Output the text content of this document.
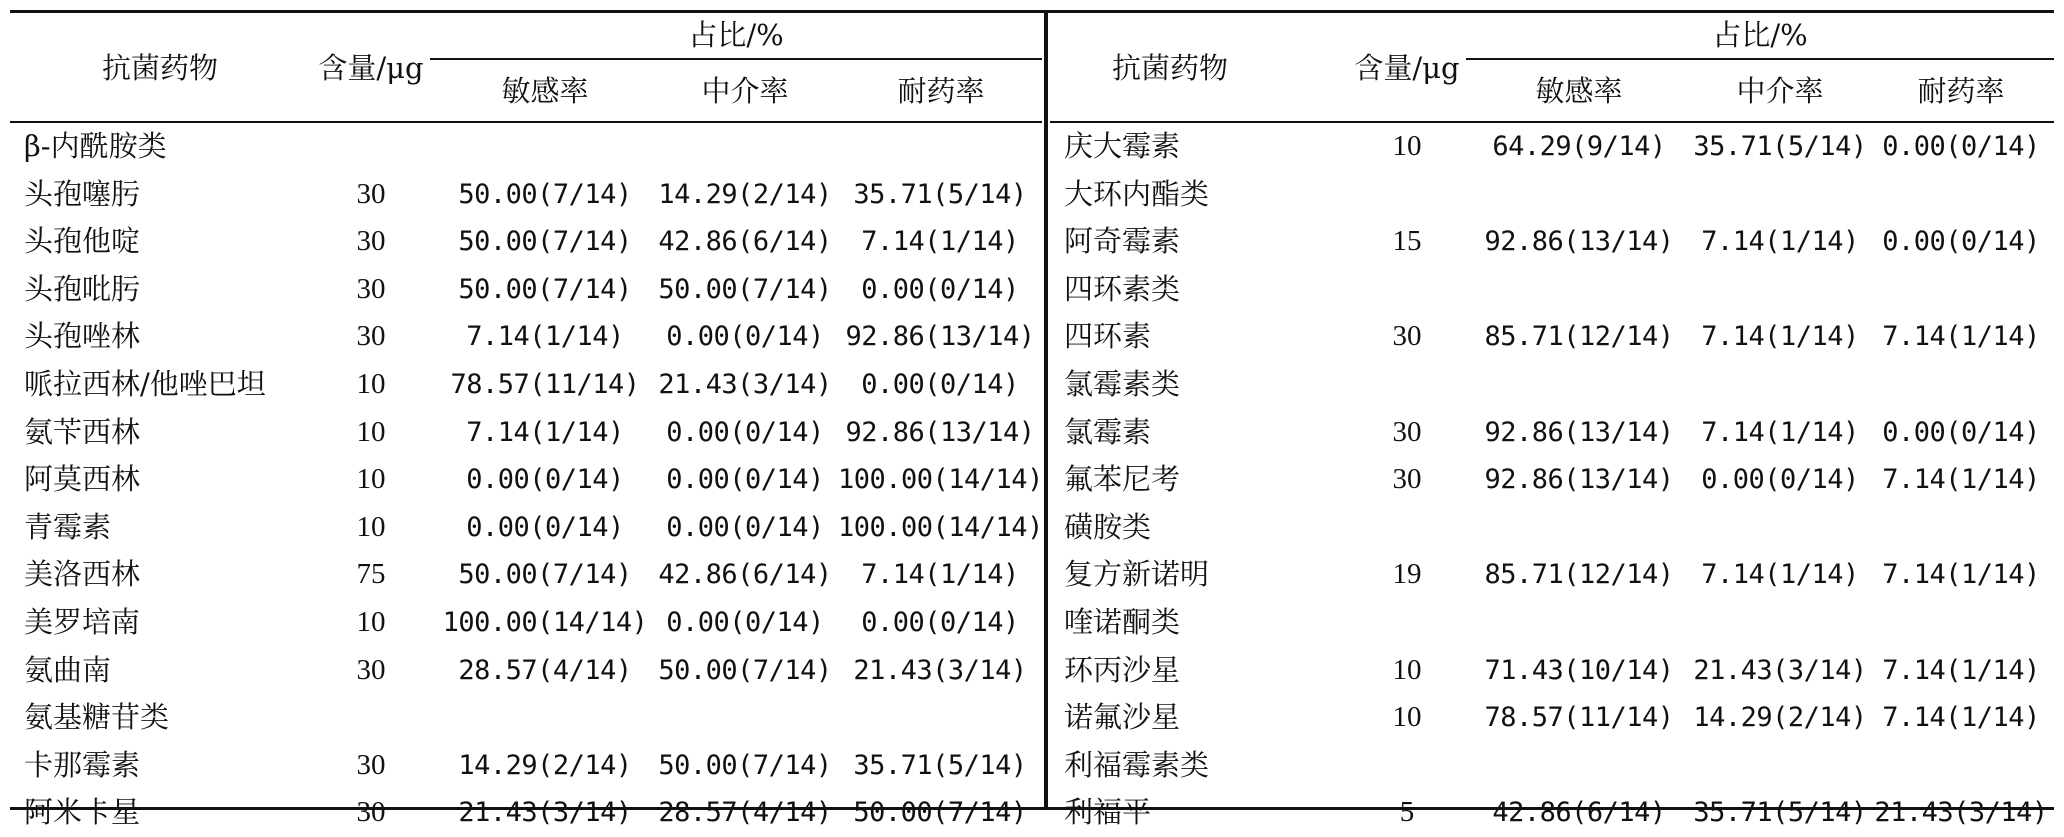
抗菌药物	含量/μg
占比/%
敏感率	中介率	耐药率
β-内酰胺类
头孢噻肟	30	50.00(7/14) 14.29(2/14) 35.71(5/14)
头孢他啶	30	50.00(7/14) 42.86(6/14)	7.14(1/14)
头孢吡肟	30	50.00(7/14) 50.00(7/14)	0.00(0/14)
头孢唑林	30	7.14(1/14)	0.00(0/14) 92.86(13/14)
哌拉西林/他唑巴坦	10	78.57(11/14) 21.43(3/14)	0.00(0/14)
氨苄西林	10	7.14(1/14)	0.00(0/14) 92.86(13/14)
阿莫西林	10	0.00(0/14)	0.00(0/14) 100.00(14/14)
青霉素	10	0.00(0/14)	0.00(0/14) 100.00(14/14)
美洛西林	75	50.00(7/14) 42.86(6/14)	7.14(1/14)
美罗培南	10	100.00(14/14) 0.00(0/14)	0.00(0/14)
氨曲南	30	28.57(4/14) 50.00(7/14) 21.43(3/14)
氨基糖苷类
卡那霉素	30	14.29(2/14) 50.00(7/14) 35.71(5/14)
阿米卡星	30	21.43(3/14) 28.57(4/14) 50.00(7/14)
抗菌药物	含量/μg
占比/%
敏感率	中介率	耐药率
庆大霉素	10	64.29(9/14)	35.71(5/14) 0.00(0/14)
大环内酯类
阿奇霉素	15	92.86(13/14)	7.14(1/14) 0.00(0/14)
四环素类
四环素	30	85.71(12/14)	7.14(1/14) 7.14(1/14)
氯霉素类
氯霉素	30	92.86(13/14)	7.14(1/14) 0.00(0/14)
氟苯尼考	30	92.86(13/14)	0.00(0/14) 7.14(1/14)
磺胺类
复方新诺明	19	85.71(12/14)	7.14(1/14) 7.14(1/14)
喹诺酮类
环丙沙星	10	71.43(10/14) 21.43(3/14) 7.14(1/14)
诺氟沙星	10	78.57(11/14) 14.29(2/14) 7.14(1/14)
利福霉素类
利福平	5	42.86(6/14)	35.71(5/14) 21.43(3/14)
